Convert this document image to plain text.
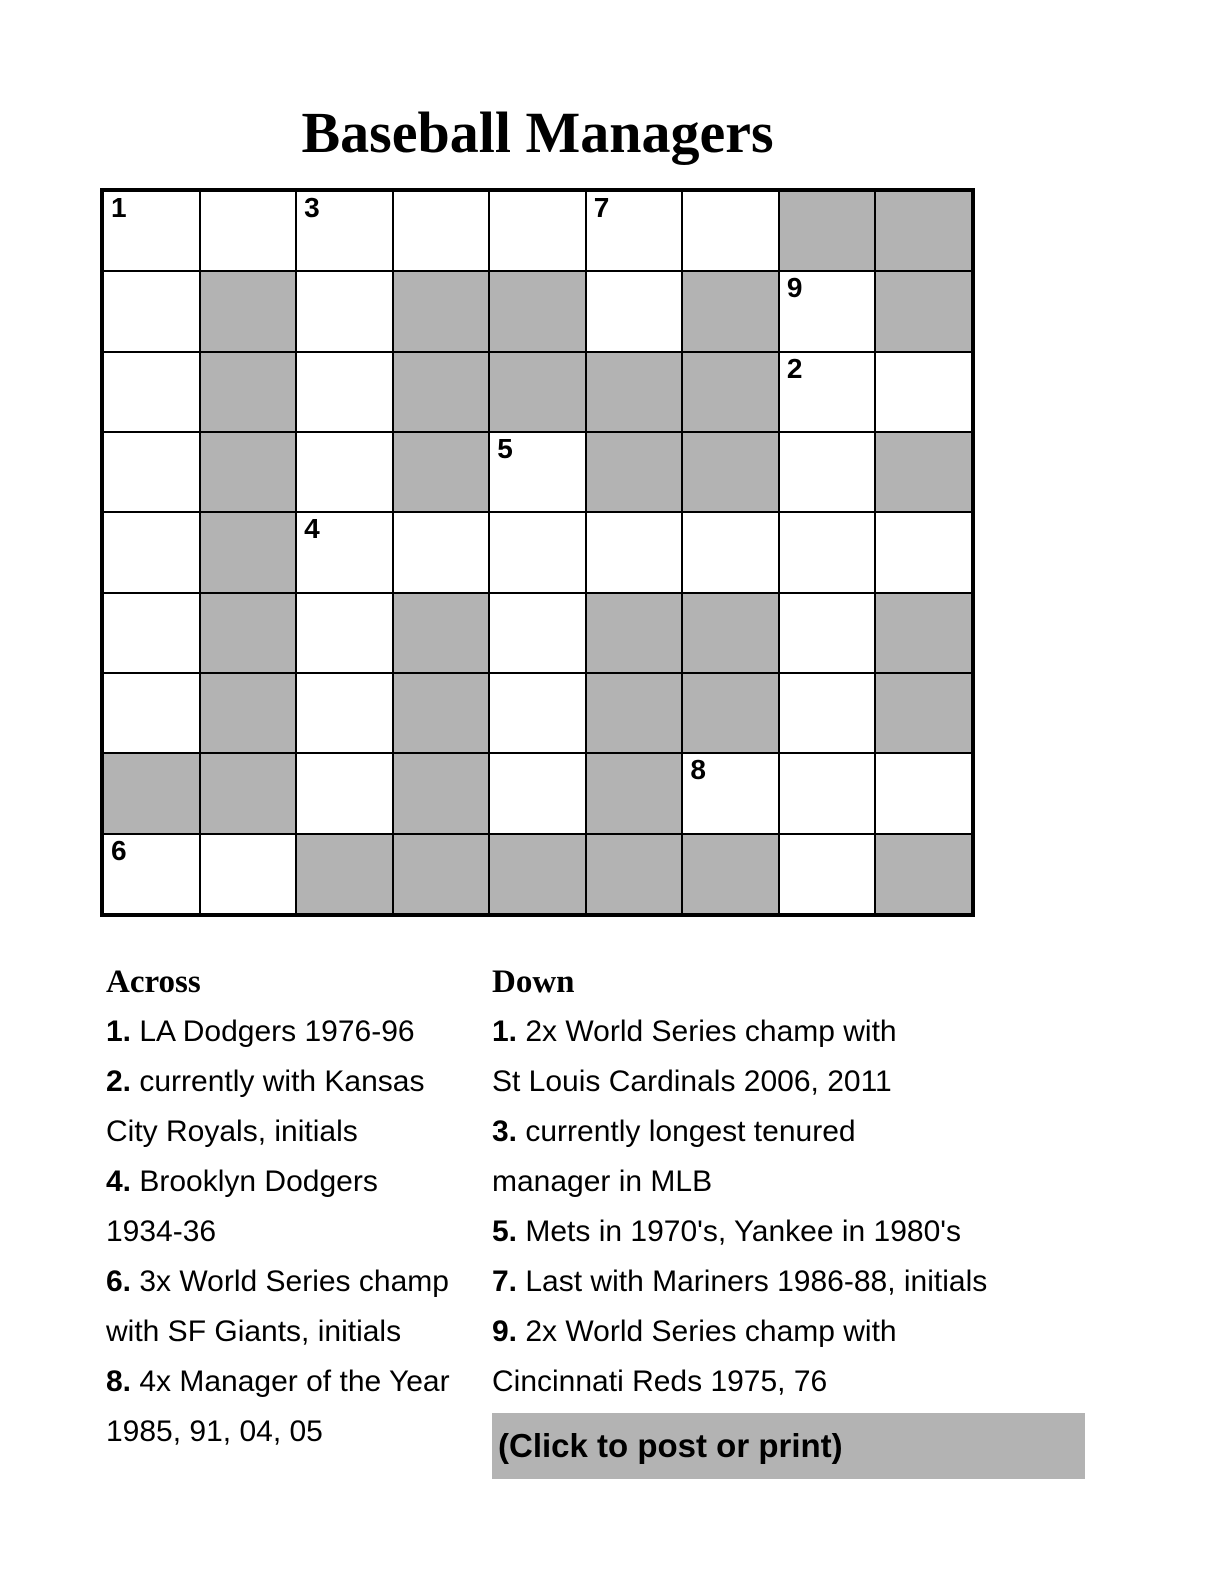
Baseball Managers
1	3	7
9
2
5
4
8
6
Across
1. LA Dodgers 1976-96
2. currently with Kansas
City Royals, initials
4. Brooklyn Dodgers
1934-36
6. 3x World Series champ
with SF Giants, initials
8. 4x Manager of the Year
1985, 91, 04, 05
Down
1. 2x World Series champ with
St Louis Cardinals 2006, 2011
3. currently longest tenured
manager in MLB
5. Mets in 1970's, Yankee in 1980's
7. Last with Mariners 1986-88, initials
9. 2x World Series champ with
Cincinnati Reds 1975, 76
(Click to post or print)
